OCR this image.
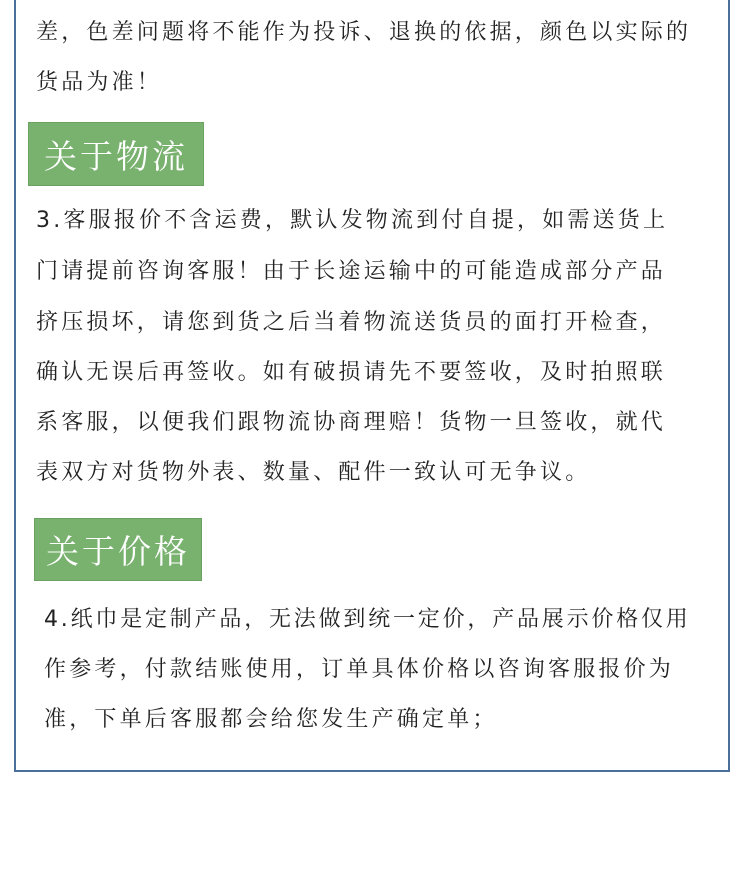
差，色差问题将不能作为投诉、退换的依据，颜色以实际的
货品为准！
关于物流
3.客服报价不含运费，默认发物流到付自提，如需送货上
门请提前咨询客服！由于长途运输中的可能造成部分产品
挤压损坏，请您到货之后当着物流送货员的面打开检查，
确认无误后再签收。如有破损请先不要签收，及时拍照联
系客服，以便我们跟物流协商理赔！货物一旦签收，就代
表双方对货物外表、数量、配件一致认可无争议。
关于价格
4.纸巾是定制产品，无法做到统一定价，产品展示价格仅用
作参考，付款结账使用，订单具体价格以咨询客服报价为
准，下单后客服都会给您发生产确定单；
